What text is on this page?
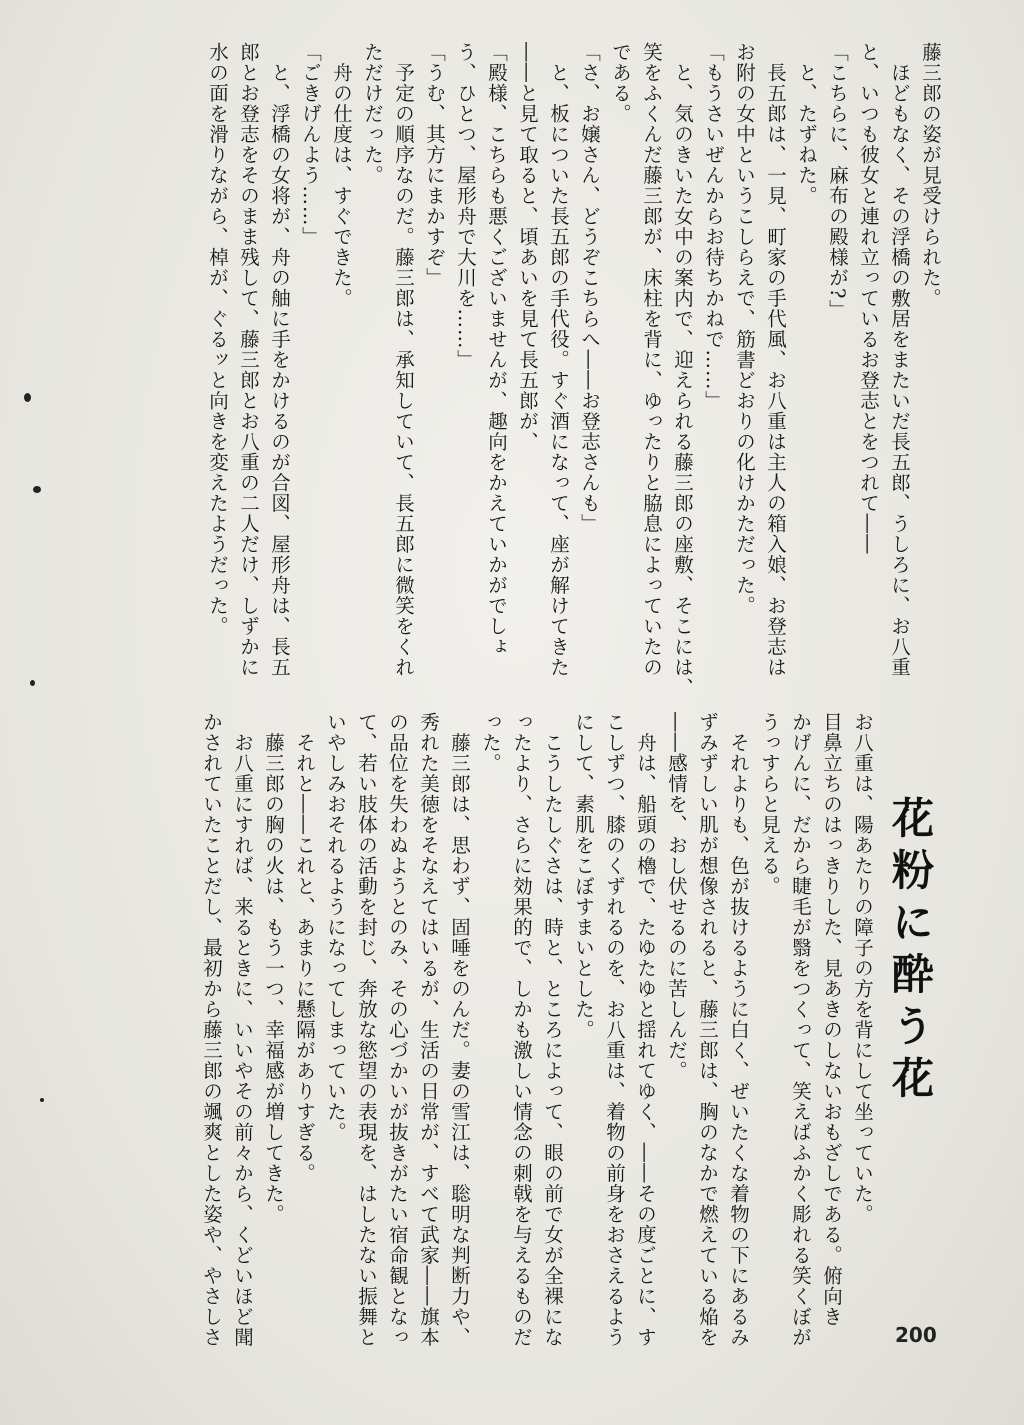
藤三郎の姿が見受けられた。

　ほどもなく、その浮橋の敷居をまたいだ長五郎、うしろに、お八重

と、いつも彼女と連れ立っているお登志とをつれて――

「こちらに、麻布の殿様が?」

　と、たずねた。

　長五郎は、一見、町家の手代風、お八重は主人の箱入娘、お登志は

お附の女中というこしらえで、筋書どおりの化けかただった。

「もうさいぜんからお待ちかねで……」

　と、気のきいた女中の案内で、迎えられる藤三郎の座敷、そこには、

笑をふくんだ藤三郎が、床柱を背に、ゆったりと脇息によっていたの

である。

「さ、お嬢さん、どうぞこちらへ――お登志さんも」

　と、板についた長五郎の手代役。すぐ酒になって、座が解けてきた

――と見て取ると、頃あいを見て長五郎が、

「殿様、こちらも悪くございませんが、趣向をかえていかがでしょ

う、ひとつ、屋形舟で大川を……」

「うむ、其方にまかすぞ」

　予定の順序なのだ。藤三郎は、承知していて、長五郎に微笑をくれ

ただけだった。

　舟の仕度は、すぐできた。

「ごきげんよう……」

　と、浮橋の女将が、舟の舳に手をかけるのが合図、屋形舟は、長五

郎とお登志をそのまま残して、藤三郎とお八重の二人だけ、しずかに

水の面を滑りながら、棹が、ぐるッと向きを変えたようだった。

花粉に酔う花

お八重は、陽あたりの障子の方を背にして坐っていた。

目鼻立ちのはっきりした、見あきのしないおもざしである。俯向き

かげんに、だから睫毛が翳をつくって、笑えばふかく彫れる笑くぼが

うっすらと見える。

　それよりも、色が抜けるように白く、ぜいたくな着物の下にあるみ

ずみずしい肌が想像されると、藤三郎は、胸のなかで燃えている焔を

――感情を、おし伏せるのに苦しんだ。

　舟は、船頭の櫓で、たゆたゆと揺れてゆく、――その度ごとに、す

こしずつ、膝のくずれるのを、お八重は、着物の前身をおさえるよう

にして、素肌をこぼすまいとした。

　こうしたしぐさは、時と、ところによって、眼の前で女が全裸にな

ったより、さらに効果的で、しかも激しい情念の刺戟を与えるものだ

った。

　藤三郎は、思わず、固唾をのんだ。妻の雪江は、聡明な判断力や、

秀れた美徳をそなえてはいるが、生活の日常が、すべて武家――旗本

の品位を失わぬようとのみ、その心づかいが抜きがたい宿命観となっ

て、若い肢体の活動を封じ、奔放な慾望の表現を、はしたない振舞と

いやしみおそれるようになってしまっていた。

　それと――これと、あまりに懸隔がありすぎる。

　藤三郎の胸の火は、もう一つ、幸福感が増してきた。

　お八重にすれば、来るときに、いいやその前々から、くどいほど聞

かされていたことだし、最初から藤三郎の颯爽とした姿や、やさしさ	200
